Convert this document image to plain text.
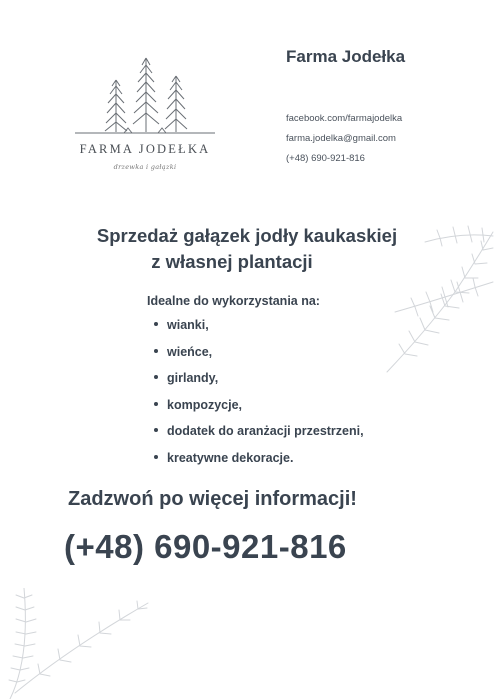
FARMA JODEŁKA
drzewka i gałązki
Farma Jodełka
facebook.com/farmajodelka
farma.jodelka@gmail.com
(+48) 690-921-816
Sprzedaż gałązek jodły kaukaskiej
z własnej plantacji
Idealne do wykorzystania na:
wianki,
wieńce,
girlandy,
kompozycje,
dodatek do aranżacji przestrzeni,
kreatywne dekoracje.
Zadzwoń po więcej informacji!
(+48) 690-921-816
